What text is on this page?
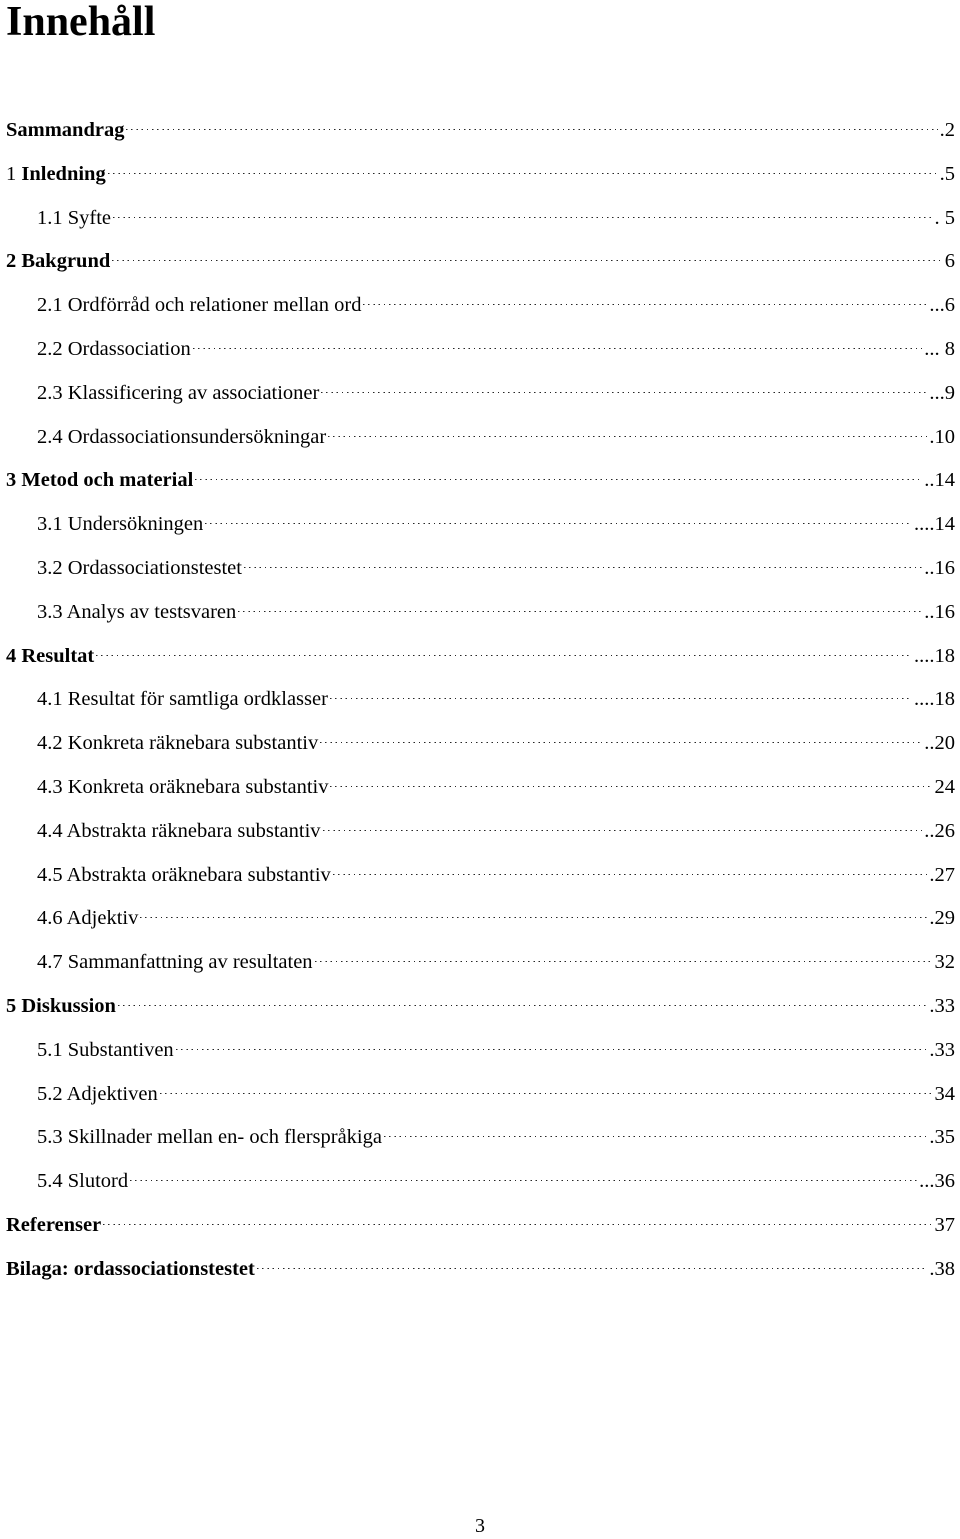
Innehåll
Sammandrag	.2
1 Inledning	.5
1.1 Syfte	. 5
2 Bakgrund	6
2.1 Ordförråd och relationer mellan ord	...6
2.2 Ordassociation	... 8
2.3 Klassificering av associationer	...9
2.4 Ordassociationsundersökningar	.10
3 Metod och material	..14
3.1 Undersökningen	....14
3.2 Ordassociationstestet	..16
3.3 Analys av testsvaren	..16
4 Resultat	....18
4.1 Resultat för samtliga ordklasser	....18
4.2 Konkreta räknebara substantiv	..20
4.3 Konkreta oräknebara substantiv	24
4.4 Abstrakta räknebara substantiv	..26
4.5 Abstrakta oräknebara substantiv	.27
4.6 Adjektiv	.29
4.7 Sammanfattning av resultaten	32
5 Diskussion	.33
5.1 Substantiven	.33
5.2 Adjektiven	34
5.3 Skillnader mellan en- och flerspråkiga	.35
5.4 Slutord	...36
Referenser	37
Bilaga: ordassociationstestet	.38
3
